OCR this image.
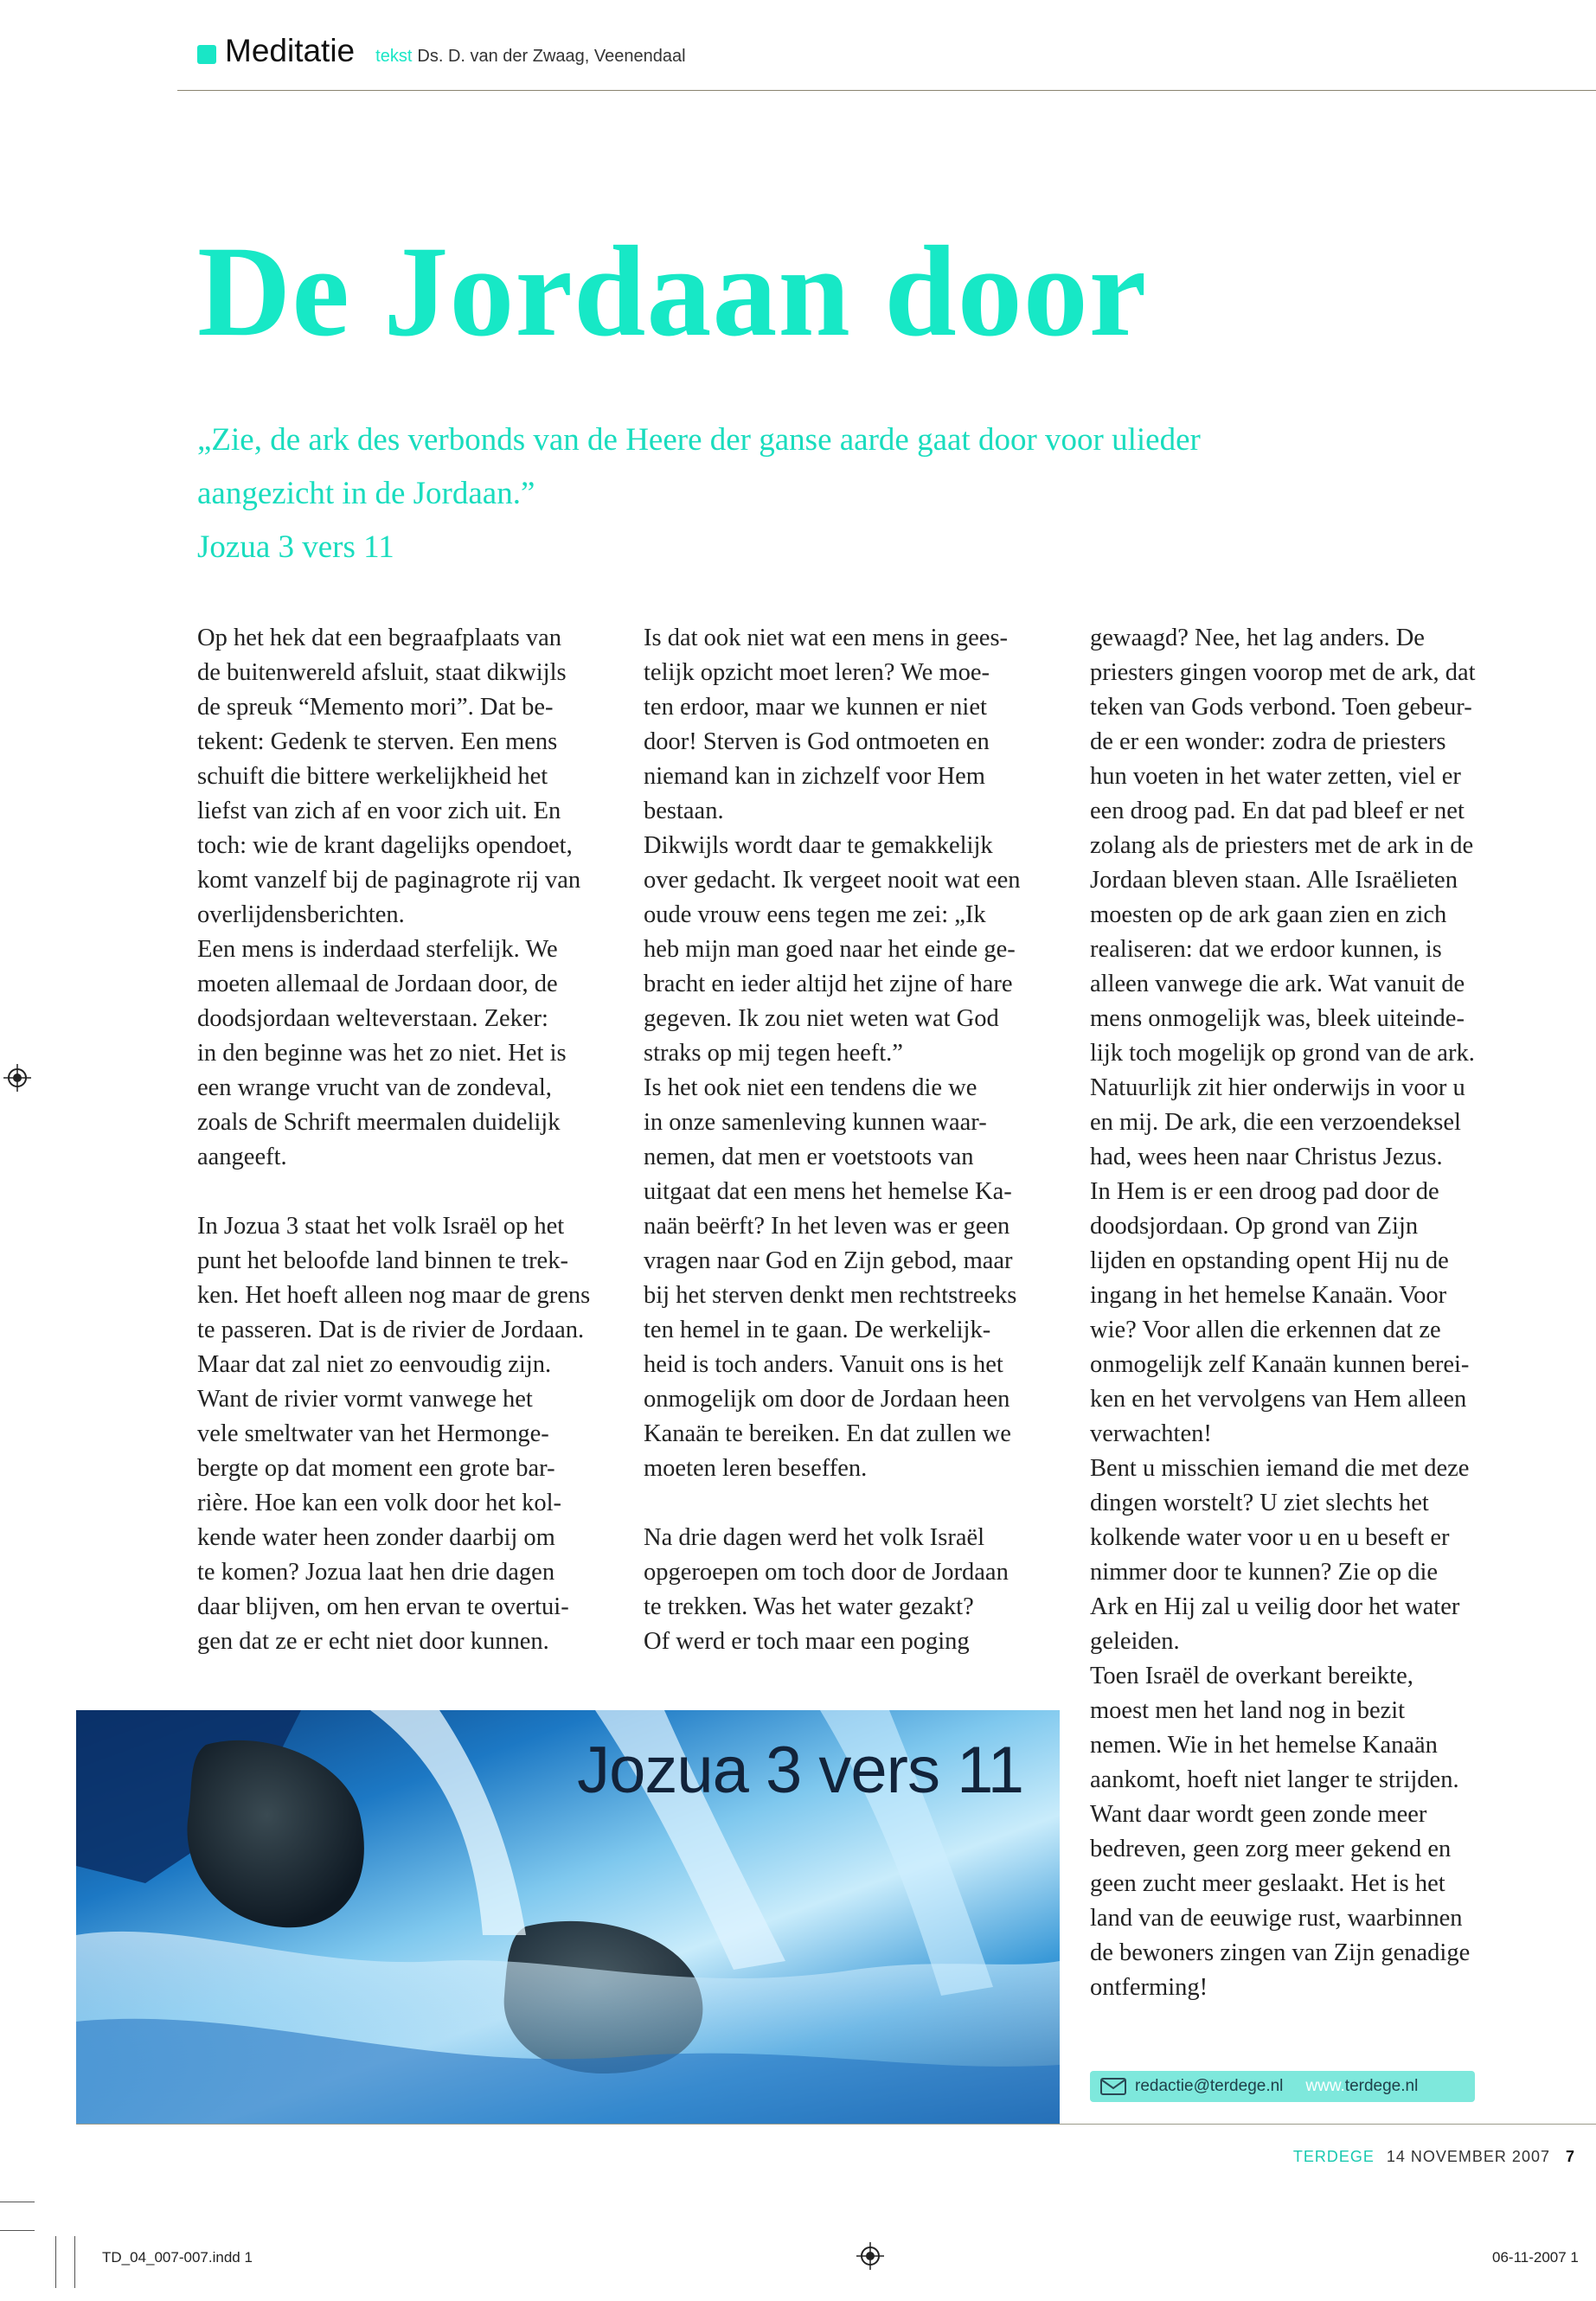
Meditatie tekst Ds. D. van der Zwaag, Veenendaal
De Jordaan door
„Zie, de ark des verbonds van de Heere der ganse aarde gaat door voor ulieder
aangezicht in de Jordaan.”
Jozua 3 vers 11

Op het hek dat een begraafplaats van

de buitenwereld afsluit, staat dikwijls

de spreuk “Memento mori”. Dat be-

tekent: Gedenk te sterven. Een mens

schuift die bittere werkelijkheid het

liefst van zich af en voor zich uit. En

toch: wie de krant dagelijks opendoet,

komt vanzelf bij de paginagrote rij van

overlijdensberichten.

Een mens is inderdaad sterfelijk. We

moeten allemaal de Jordaan door, de

doodsjordaan welteverstaan. Zeker:

in den beginne was het zo niet. Het is

een wrange vrucht van de zondeval,

zoals de Schrift meermalen duidelijk

aangeeft.

In Jozua 3 staat het volk Israël op het

punt het beloofde land binnen te trek-

ken. Het hoeft alleen nog maar de grens

te passeren. Dat is de rivier de Jordaan.

Maar dat zal niet zo eenvoudig zijn.

Want de rivier vormt vanwege het

vele smeltwater van het Hermonge-

bergte op dat moment een grote bar-

rière. Hoe kan een volk door het kol-

kende water heen zonder daarbij om

te komen? Jozua laat hen drie dagen

daar blijven, om hen ervan te overtui-

gen dat ze er echt niet door kunnen.

Is dat ook niet wat een mens in gees-

telijk opzicht moet leren? We moe-

ten erdoor, maar we kunnen er niet

door! Sterven is God ontmoeten en

niemand kan in zichzelf voor Hem

bestaan.

Dikwijls wordt daar te gemakkelijk

over gedacht. Ik vergeet nooit wat een

oude vrouw eens tegen me zei: „Ik

heb mijn man goed naar het einde ge-

bracht en ieder altijd het zijne of hare

gegeven. Ik zou niet weten wat God

straks op mij tegen heeft.”

Is het ook niet een tendens die we

in onze samenleving kunnen waar-

nemen, dat men er voetstoots van

uitgaat dat een mens het hemelse Ka-

naän beërft? In het leven was er geen

vragen naar God en Zijn gebod, maar

bij het sterven denkt men rechtstreeks

ten hemel in te gaan. De werkelijk-

heid is toch anders. Vanuit ons is het

onmogelijk om door de Jordaan heen

Kanaän te bereiken. En dat zullen we

moeten leren beseffen.

Na drie dagen werd het volk Israël

opgeroepen om toch door de Jordaan

te trekken. Was het water gezakt?

Of werd er toch maar een poging

gewaagd? Nee, het lag anders. De

priesters gingen voorop met de ark, dat

teken van Gods verbond. Toen gebeur-

de er een wonder: zodra de priesters

hun voeten in het water zetten, viel er

een droog pad. En dat pad bleef er net

zolang als de priesters met de ark in de

Jordaan bleven staan. Alle Israëlieten

moesten op de ark gaan zien en zich

realiseren: dat we erdoor kunnen, is

alleen vanwege die ark. Wat vanuit de

mens onmogelijk was, bleek uiteinde-

lijk toch mogelijk op grond van de ark.

Natuurlijk zit hier onderwijs in voor u

en mij. De ark, die een verzoendeksel

had, wees heen naar Christus Jezus.

In Hem is er een droog pad door de

doodsjordaan. Op grond van Zijn

lijden en opstanding opent Hij nu de

ingang in het hemelse Kanaän. Voor

wie? Voor allen die erkennen dat ze

onmogelijk zelf Kanaän kunnen berei-

ken en het vervolgens van Hem alleen

verwachten!

Bent u misschien iemand die met deze

dingen worstelt? U ziet slechts het

kolkende water voor u en u beseft er

nimmer door te kunnen? Zie op die

Ark en Hij zal u veilig door het water

geleiden.

Toen Israël de overkant bereikte,

moest men het land nog in bezit

nemen. Wie in het hemelse Kanaän

aankomt, hoeft niet langer te strijden.

Want daar wordt geen zonde meer

bedreven, geen zorg meer gekend en

geen zucht meer geslaakt. Het is het

land van de eeuwige rust, waarbinnen

de bewoners zingen van Zijn genadige

ontferming!

Jozua 3 vers 11
redactie@terdege.nl www.terdege.nl
TERDEGE 14 NOVEMBER 2007 7
TD_04_007-007.indd 1	06-11-2007 1
